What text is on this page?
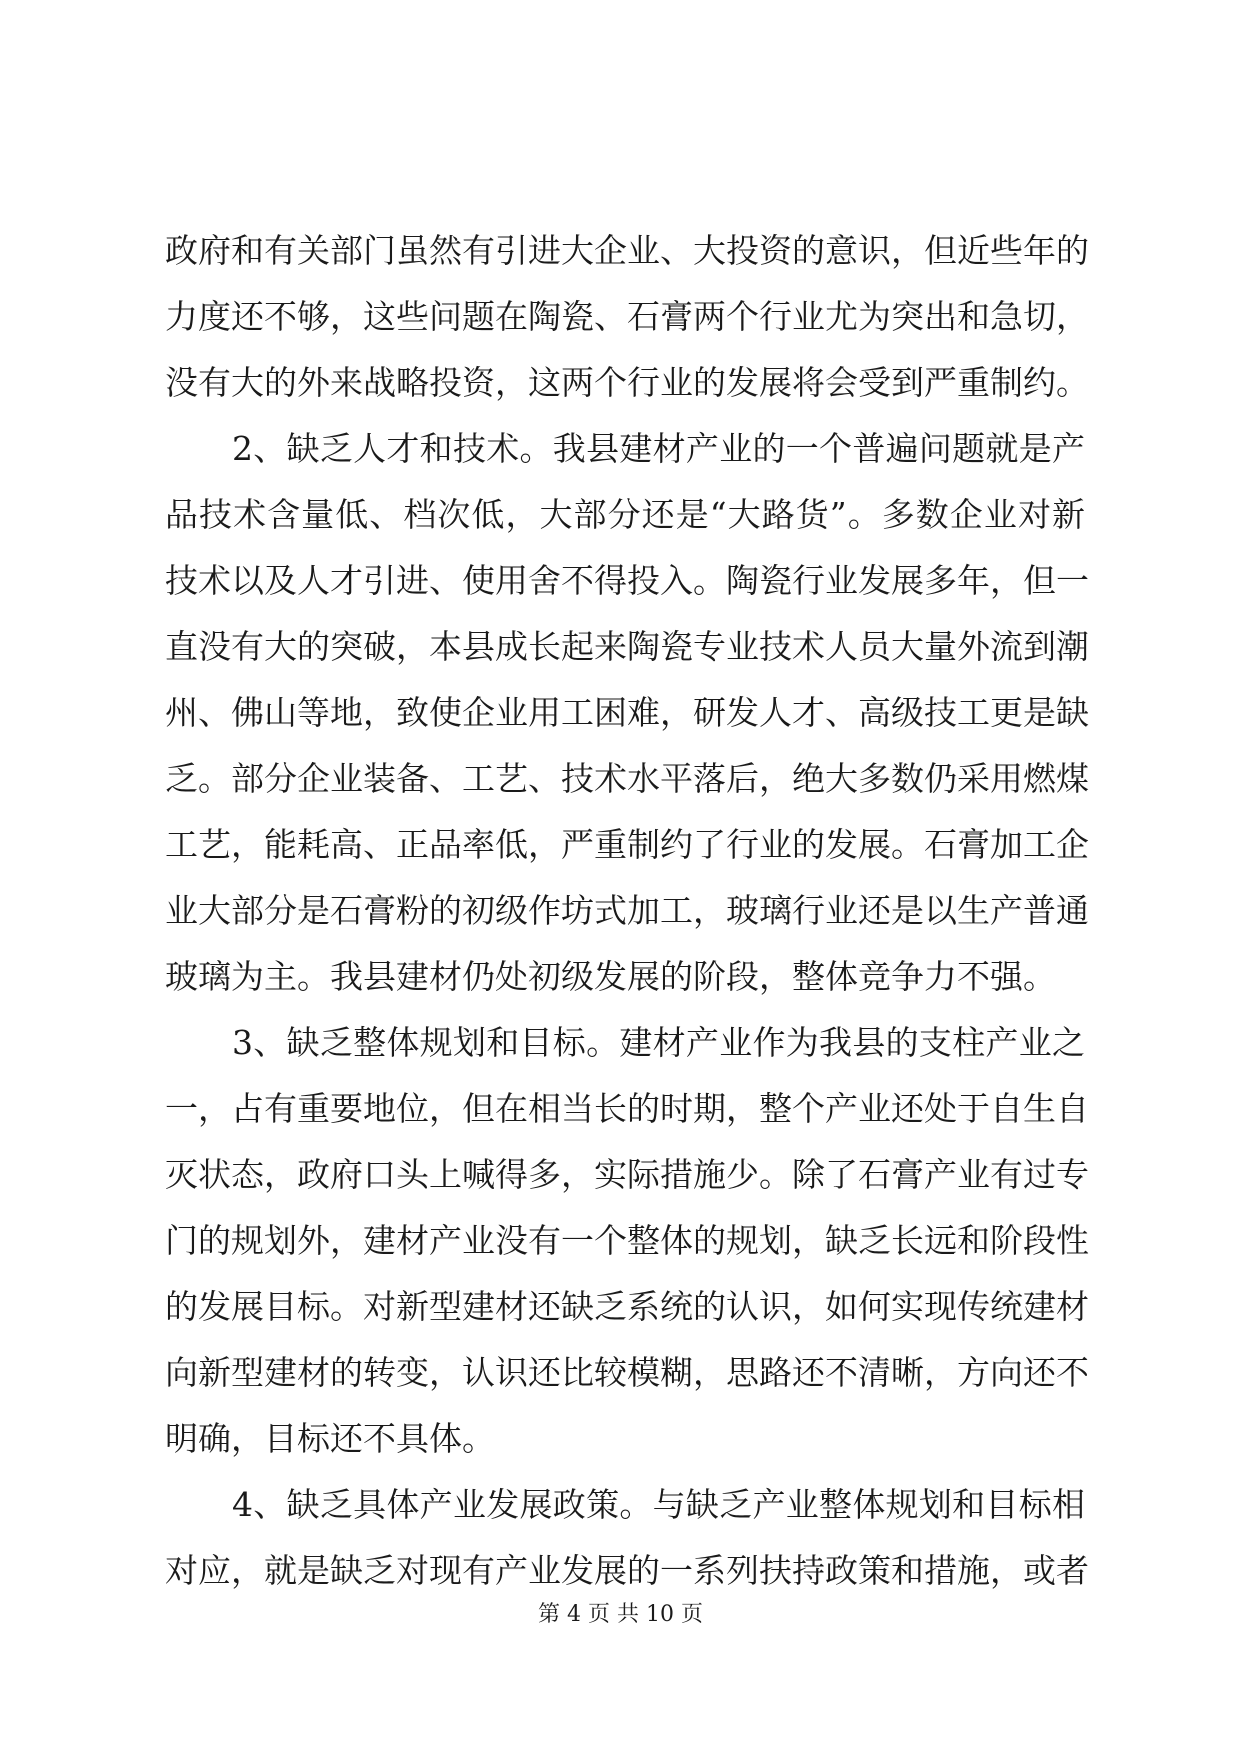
政府和有关部门虽然有引进大企业、大投资的意识，但近些年的
力度还不够，这些问题在陶瓷、石膏两个行业尤为突出和急切，
没有大的外来战略投资，这两个行业的发展将会受到严重制约。
2、缺乏人才和技术。我县建材产业的一个普遍问题就是产
品技术含量低、档次低，大部分还是“大路货”。多数企业对新
技术以及人才引进、使用舍不得投入。陶瓷行业发展多年，但一
直没有大的突破，本县成长起来陶瓷专业技术人员大量外流到潮
州、佛山等地，致使企业用工困难，研发人才、高级技工更是缺
乏。部分企业装备、工艺、技术水平落后，绝大多数仍采用燃煤
工艺，能耗高、正品率低，严重制约了行业的发展。石膏加工企
业大部分是石膏粉的初级作坊式加工，玻璃行业还是以生产普通
玻璃为主。我县建材仍处初级发展的阶段，整体竞争力不强。
3、缺乏整体规划和目标。建材产业作为我县的支柱产业之
一，占有重要地位，但在相当长的时期，整个产业还处于自生自
灭状态，政府口头上喊得多，实际措施少。除了石膏产业有过专
门的规划外，建材产业没有一个整体的规划，缺乏长远和阶段性
的发展目标。对新型建材还缺乏系统的认识，如何实现传统建材
向新型建材的转变，认识还比较模糊，思路还不清晰，方向还不
明确，目标还不具体。
4、缺乏具体产业发展政策。与缺乏产业整体规划和目标相
对应，就是缺乏对现有产业发展的一系列扶持政策和措施，或者
第 4 页 共 10 页
